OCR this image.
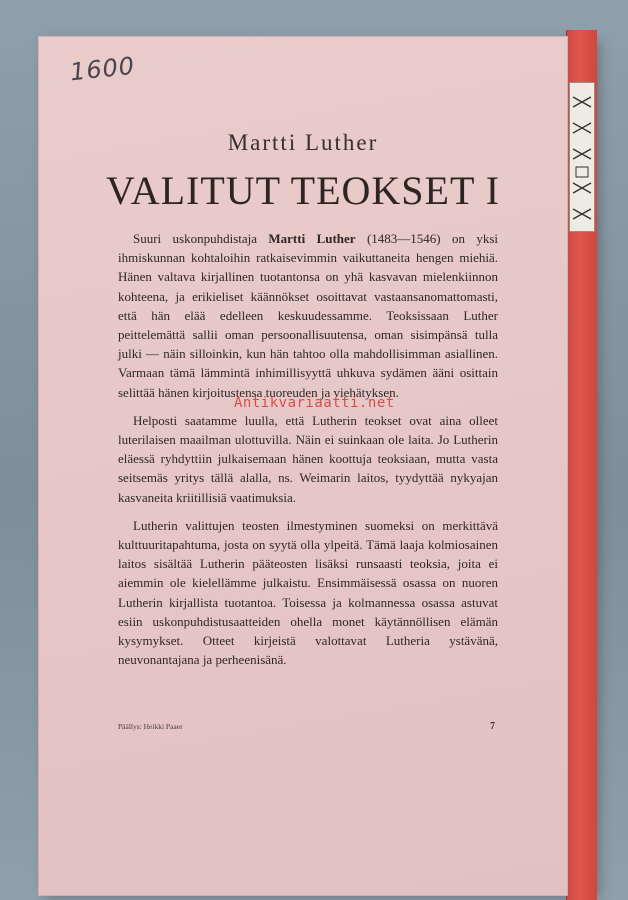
1600
Martti Luther
VALITUT TEOKSET I

Suuri uskonpuhdistaja Martti Luther (1483—1546) on yksi ihmiskunnan kohtaloihin ratkaisevimmin vaikuttaneita hengen miehiä. Hänen valtava kirjallinen tuotantonsa on yhä kasvavan mielenkiinnon kohteena, ja erikieliset käännökset osoittavat vastaansanomattomasti, että hän elää edelleen keskuudessamme. Teoksissaan Luther peittelemättä sallii oman persoonallisuutensa, oman sisimpänsä tulla julki — näin silloinkin, kun hän tahtoo olla mahdollisimman asiallinen. Varmaan tämä lämmintä inhimillisyyttä uhkuva sydämen ääni osittain selittää hänen kirjoitustensa tuoreuden ja viehätyksen.

Helposti saatamme luulla, että Lutherin teokset ovat aina olleet luterilaisen maailman ulottuvilla. Näin ei suinkaan ole laita. Jo Lutherin eläessä ryhdyttiin julkaisemaan hänen koottuja teoksiaan, mutta vasta seitsemäs yritys tällä alalla, ns. Weimarin laitos, tyydyttää nykyajan kasvaneita kriitillisiä vaatimuksia.

Lutherin valittujen teosten ilmestyminen suomeksi on merkittävä kulttuuritapahtuma, josta on syytä olla ylpeitä. Tämä laaja kolmiosainen laitos sisältää Lutherin pääteosten lisäksi runsaasti teoksia, joita ei aiemmin ole kielellämme julkaistu. Ensimmäisessä osassa on nuoren Lutherin kirjallista tuotantoa. Toisessa ja kolmannessa osassa astuvat esiin uskonpuhdistusaatteiden ohella monet käytännöllisen elämän kysymykset. Otteet kirjeistä valottavat Lutheria ystävänä, neuvonantajana ja perheenisänä.

Antikvariaatti.net
Päällys: Heikki Paaer	7
